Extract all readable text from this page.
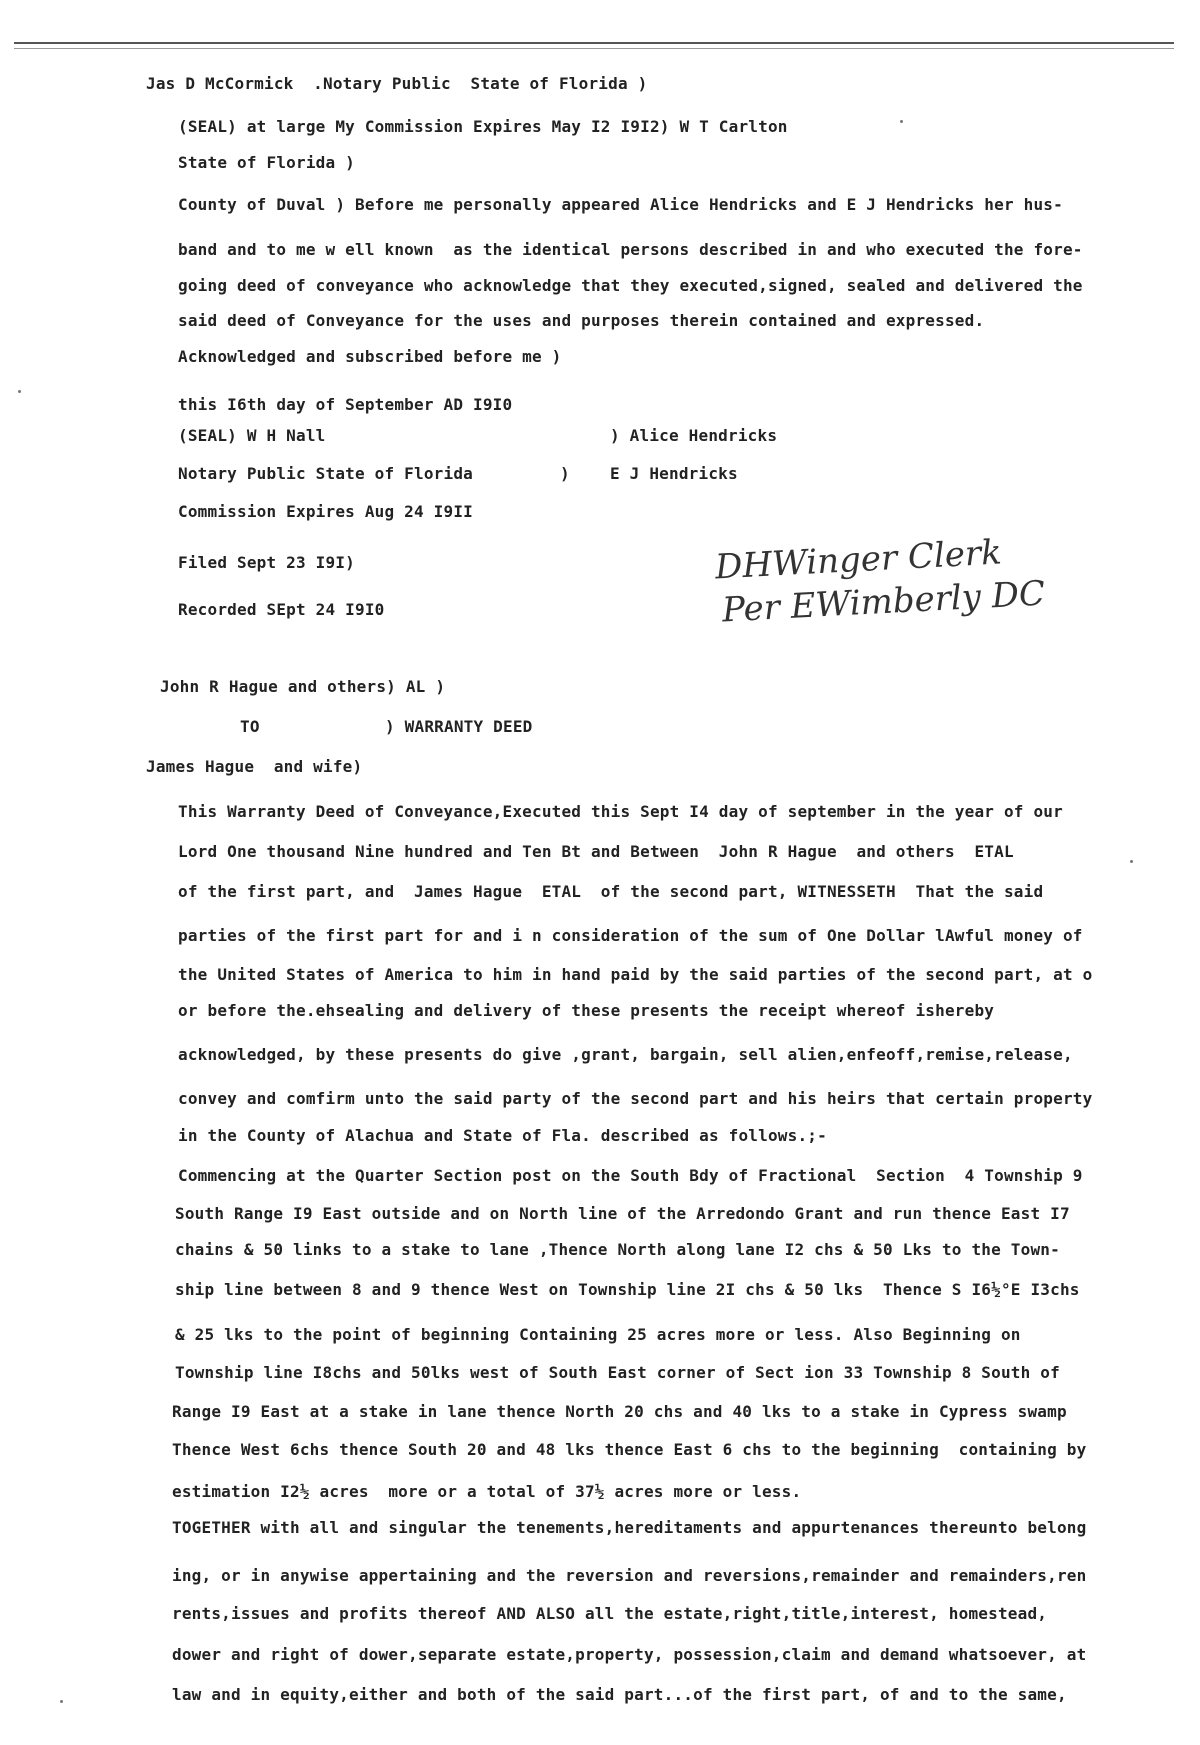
Jas D McCormick  .Notary Public  State of Florida )
(SEAL) at large My Commission Expires May I2 I9I2) W T Carlton
State of Florida )
County of Duval ) Before me personally appeared Alice Hendricks and E J Hendricks her hus-
band and to me w ell known  as the identical persons described in and who executed the fore-
going deed of conveyance who acknowledge that they executed,signed, sealed and delivered the
said deed of Conveyance for the uses and purposes therein contained and expressed.
Acknowledged and subscribed before me )
this I6th day of September AD I9I0
(SEAL) W H Nall	) Alice Hendricks
Notary Public State of Florida	)	E J Hendricks
Commission Expires Aug 24 I9II
Filed Sept 23 I9I)
Recorded SEpt 24 I9I0
DHWinger Clerk
Per EWimberly DC
John R Hague and others) AL )
TO	) WARRANTY DEED
James Hague  and wife)
This Warranty Deed of Conveyance,Executed this Sept I4 day of september in the year of our
Lord One thousand Nine hundred and Ten Bt and Between  John R Hague  and others  ETAL
of the first part, and  James Hague  ETAL  of the second part, WITNESSETH  That the said
parties of the first part for and i n consideration of the sum of One Dollar lAwful money of
the United States of America to him in hand paid by the said parties of the second part, at o
or before the.ehsealing and delivery of these presents the receipt whereof ishereby
acknowledged, by these presents do give ,grant, bargain, sell alien,enfeoff,remise,release,
convey and comfirm unto the said party of the second part and his heirs that certain property
in the County of Alachua and State of Fla. described as follows.;-
Commencing at the Quarter Section post on the South Bdy of Fractional  Section  4 Township 9
South Range I9 East outside and on North line of the Arredondo Grant and run thence East I7
chains & 50 links to a stake to lane ,Thence North along lane I2 chs & 50 Lks to the Town-
ship line between 8 and 9 thence West on Township line 2I chs & 50 lks  Thence S I6½°E I3chs
& 25 lks to the point of beginning Containing 25 acres more or less. Also Beginning on
Township line I8chs and 50lks west of South East corner of Sect ion 33 Township 8 South of
Range I9 East at a stake in lane thence North 20 chs and 40 lks to a stake in Cypress swamp
Thence West 6chs thence South 20 and 48 lks thence East 6 chs to the beginning  containing by
estimation I2½ acres  more or a total of 37½ acres more or less.
TOGETHER with all and singular the tenements,hereditaments and appurtenances thereunto belong
ing, or in anywise appertaining and the reversion and reversions,remainder and remainders,ren
rents,issues and profits thereof AND ALSO all the estate,right,title,interest, homestead,
dower and right of dower,separate estate,property, possession,claim and demand whatsoever, at
law and in equity,either and both of the said part...of the first part, of and to the same,
